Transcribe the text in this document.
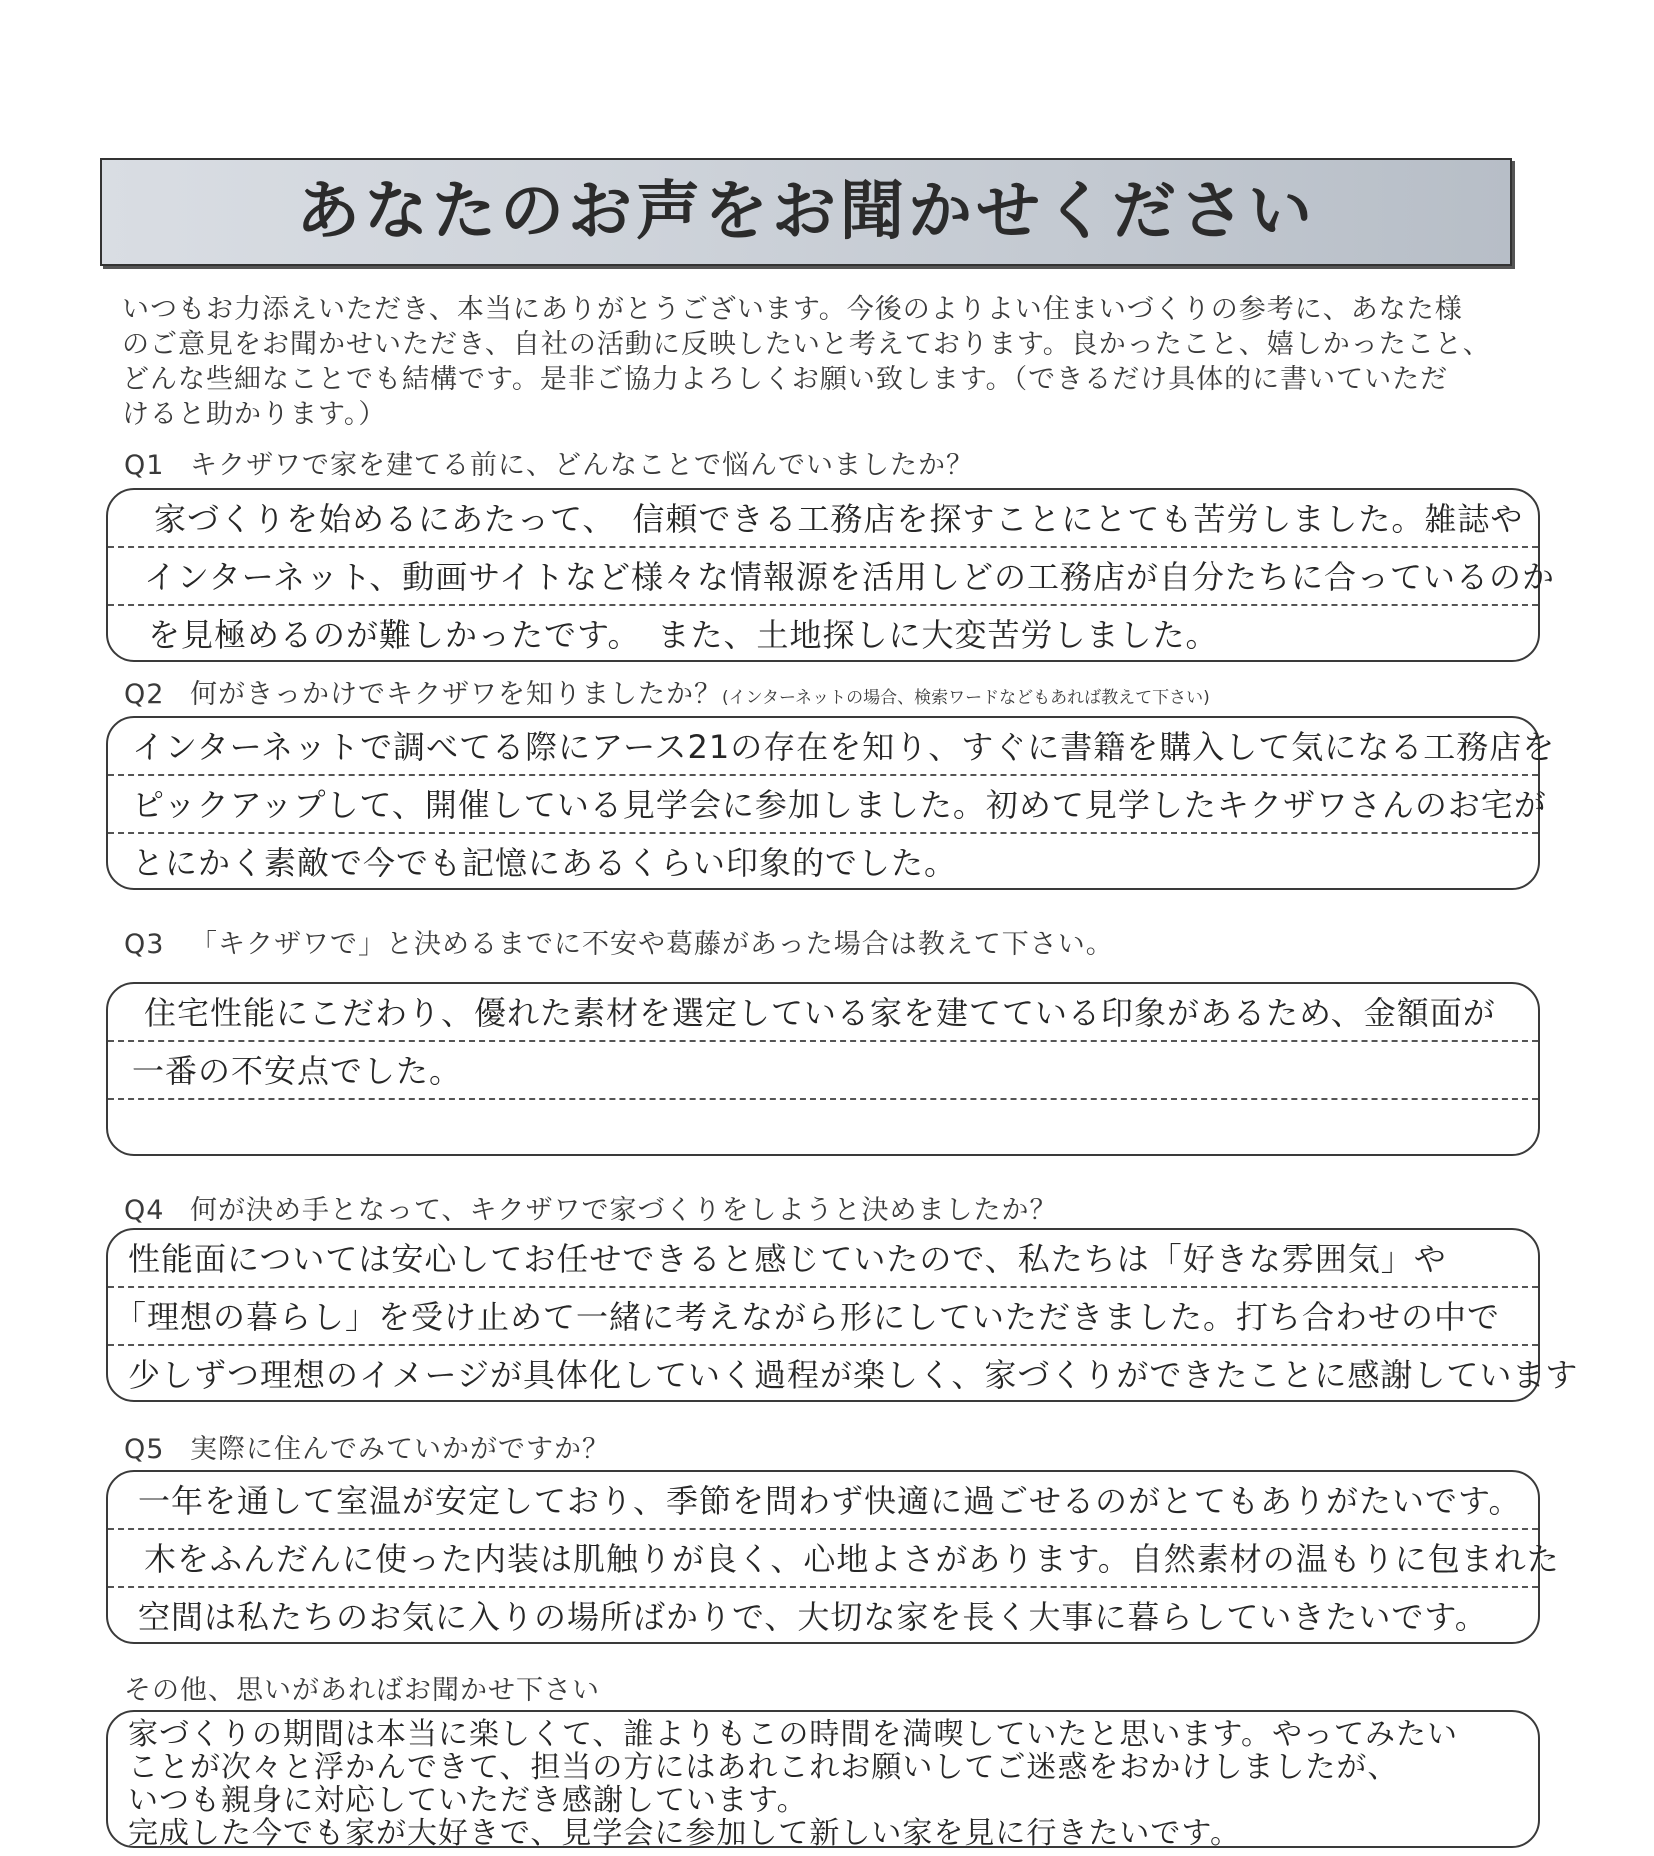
あなたのお声をお聞かせください
いつもお力添えいただき、本当にありがとうございます。今後のよりよい住まいづくりの参考に、あなた様
のご意見をお聞かせいただき、自社の活動に反映したいと考えております。良かったこと、嬉しかったこと、
どんな些細なことでも結構です。是非ご協力よろしくお願い致します。（できるだけ具体的に書いていただ
けると助かります。）
Q1 キクザワで家を建てる前に、どんなことで悩んでいましたか？
家づくりを始めるにあたって、　信頼できる工務店を探すことにとても苦労しました。雑誌や
インターネット、動画サイトなど様々な情報源を活用しどの工務店が自分たちに合っているのか
を見極めるのが難しかったです。　また、土地探しに大変苦労しました。
Q2 何がきっかけでキクザワを知りましたか？(インターネットの場合、検索ワードなどもあれば教えて下さい)
インターネットで調べてる際にアース21の存在を知り、すぐに書籍を購入して気になる工務店を
ピックアップして、開催している見学会に参加しました。初めて見学したキクザワさんのお宅が
とにかく素敵で今でも記憶にあるくらい印象的でした。
Q3 「キクザワで」と決めるまでに不安や葛藤があった場合は教えて下さい。
住宅性能にこだわり、優れた素材を選定している家を建てている印象があるため、金額面が
一番の不安点でした。
Q4 何が決め手となって、キクザワで家づくりをしようと決めましたか？
性能面については安心してお任せできると感じていたので、私たちは「好きな雰囲気」や
「理想の暮らし」を受け止めて一緒に考えながら形にしていただきました。打ち合わせの中で
少しずつ理想のイメージが具体化していく過程が楽しく、家づくりができたことに感謝しています
Q5 実際に住んでみていかがですか？
一年を通して室温が安定しており、季節を問わず快適に過ごせるのがとてもありがたいです。
木をふんだんに使った内装は肌触りが良く、心地よさがあります。自然素材の温もりに包まれた
空間は私たちのお気に入りの場所ばかりで、大切な家を長く大事に暮らしていきたいです。
その他、思いがあればお聞かせ下さい
家づくりの期間は本当に楽しくて、誰よりもこの時間を満喫していたと思います。やってみたい
ことが次々と浮かんできて、担当の方にはあれこれお願いしてご迷惑をおかけしましたが、
いつも親身に対応していただき感謝しています。
完成した今でも家が大好きで、見学会に参加して新しい家を見に行きたいです。
